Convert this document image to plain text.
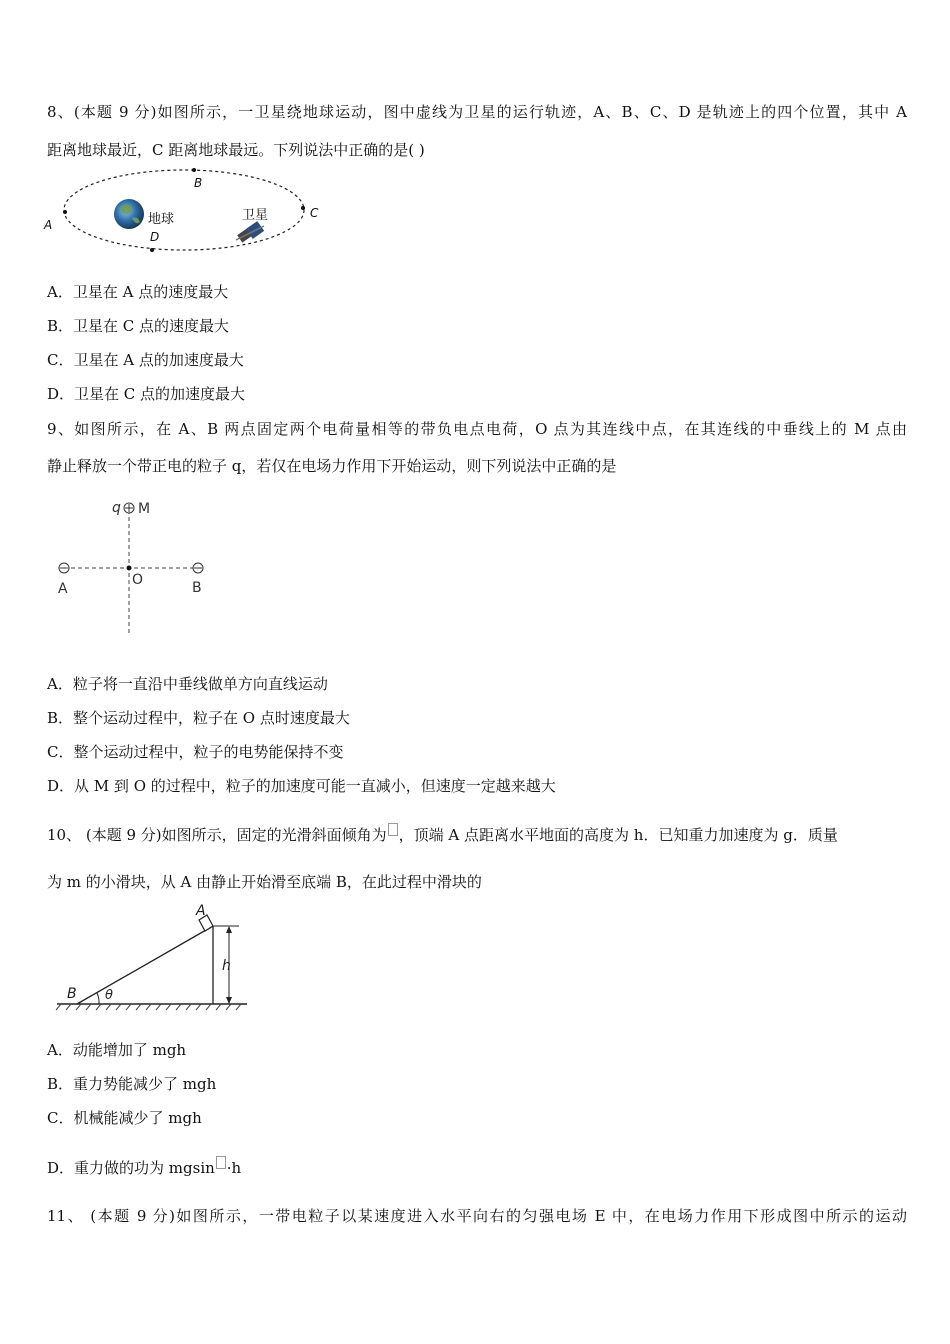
8、(本题 9 分)如图所示，一卫星绕地球运动，图中虚线为卫星的运行轨迹，A、B、C、D 是轨迹上的四个位置，其中 A
距离地球最近，C 距离地球最远。下列说法中正确的是( )
地球	卫星
A
B
C
D
A．卫星在 A 点的速度最大
B．卫星在 C 点的速度最大
C．卫星在 A 点的加速度最大
D．卫星在 C 点的加速度最大
9、如图所示，在 A、B 两点固定两个电荷量相等的带负电点电荷，O 点为其连线中点，在其连线的中垂线上的 M 点由
静止释放一个带正电的粒子 q，若仅在电场力作用下开始运动，则下列说法中正确的是
q M
A
O	B
A．粒子将一直沿中垂线做单方向直线运动
B．整个运动过程中，粒子在 O 点时速度最大
C．整个运动过程中，粒子的电势能保持不变
D．从 M 到 O 的过程中，粒子的加速度可能一直减小，但速度一定越来越大
10、 (本题 9 分)如图所示，固定的光滑斜面倾角为 ，顶端 A 点距离水平地面的高度为 h．已知重力加速度为 g．质量
为 m 的小滑块，从 A 由静止开始滑至底端 B，在此过程中滑块的
A
B
h
θ
A．动能增加了 mgh
B．重力势能减少了 mgh
C．机械能减少了 mgh
D．重力做的功为 mgsin ·h
11、 (本题 9 分)如图所示，一带电粒子以某速度进入水平向右的匀强电场 E 中，在电场力作用下形成图中所示的运动
